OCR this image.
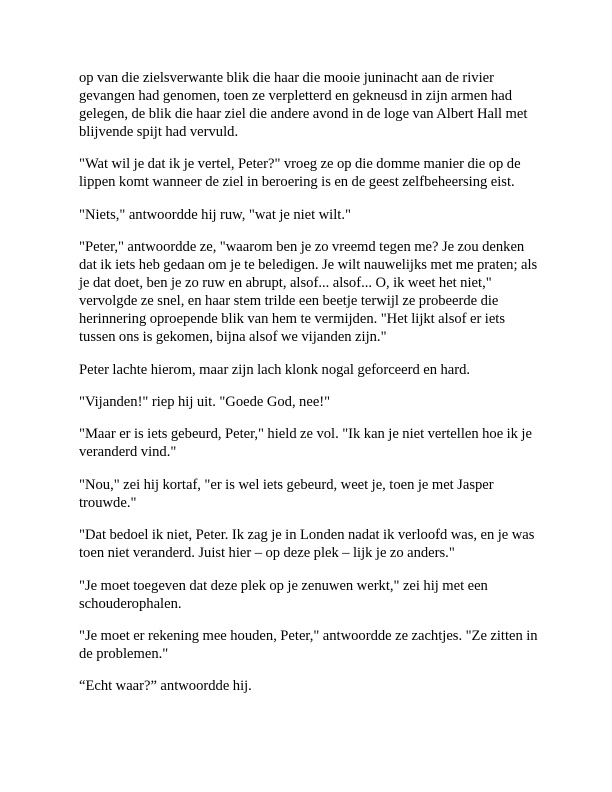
op van die zielsverwante blik die haar die mooie juninacht aan de rivier gevangen had genomen, toen ze verpletterd en gekneusd in zijn armen had gelegen, de blik die haar ziel die andere avond in de loge van Albert Hall met blijvende spijt had vervuld.

"Wat wil je dat ik je vertel, Peter?" vroeg ze op die domme manier die op de lippen komt wanneer de ziel in beroering is en de geest zelfbeheersing eist.

"Niets," antwoordde hij ruw, "wat je niet wilt."

"Peter," antwoordde ze, "waarom ben je zo vreemd tegen me? Je zou denken dat ik iets heb gedaan om je te beledigen. Je wilt nauwelijks met me praten; als je dat doet, ben je zo ruw en abrupt, alsof... alsof... O, ik weet het niet," vervolgde ze snel, en haar stem trilde een beetje terwijl ze probeerde die herinnering oproepende blik van hem te vermijden. "Het lijkt alsof er iets tussen ons is gekomen, bijna alsof we vijanden zijn."

Peter lachte hierom, maar zijn lach klonk nogal geforceerd en hard.

"Vijanden!" riep hij uit. "Goede God, nee!"

"Maar er is iets gebeurd, Peter," hield ze vol. "Ik kan je niet vertellen hoe ik je veranderd vind."

"Nou," zei hij kortaf, "er is wel iets gebeurd, weet je, toen je met Jasper trouwde."

"Dat bedoel ik niet, Peter. Ik zag je in Londen nadat ik verloofd was, en je was toen niet veranderd. Juist hier – op deze plek – lijk je zo anders."

"Je moet toegeven dat deze plek op je zenuwen werkt," zei hij met een schouderophalen.

"Je moet er rekening mee houden, Peter," antwoordde ze zachtjes. "Ze zitten in de problemen."

“Echt waar?” antwoordde hij.
